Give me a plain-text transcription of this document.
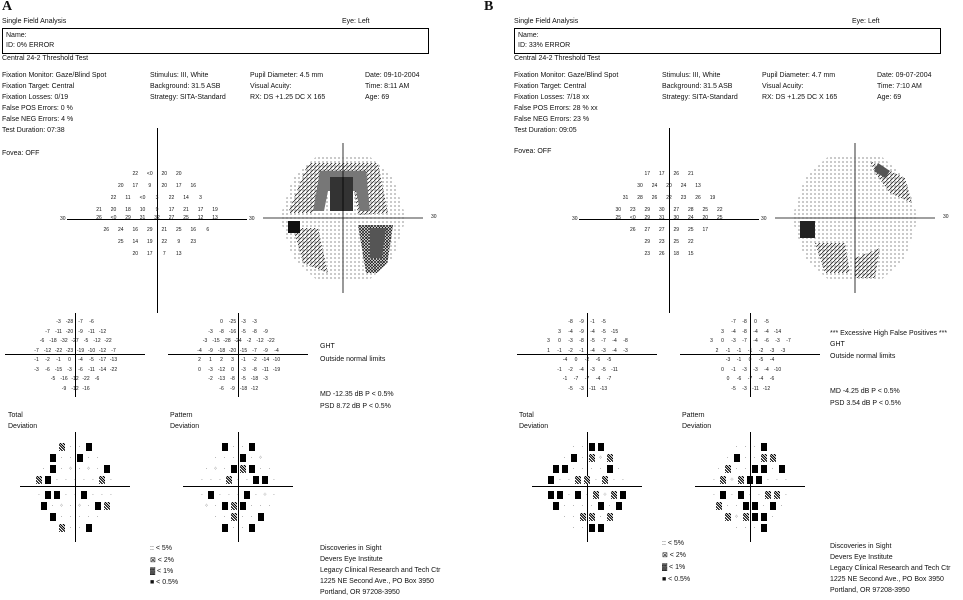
A
Single Field Analysis	Eye: Left
Name:
ID: 0% ERROR
Central 24-2 Threshold Test
Fovea: OFF
GHT
Outside normal limits
MD -12.35 dB P < 0.5%
PSD 8.72 dB P < 0.5%
Total
Deviation
Pattern
Deviation
:: < 5%
⊠ < 2%
▓ < 1%
■ < 0.5%
Discoveries in Sight
Devers Eye Institute
Legacy Clinical Research and Tech Ctr
1225 NE Second Ave., PO Box 3950
Portland, OR 97208-3950
Fixation Monitor: Gaze/Blind Spot
Fixation Target: Central
Fixation Losses: 0/19
False POS Errors: 0 %
False NEG Errors: 4 %
Test Duration: 07:38
Stimulus: III, White
Background: 31.5 ASB
Strategy: SITA-Standard
Pupil Diameter: 4.5 mm
Visual Acuity:
RX: DS +1.25 DC X 165
Date: 09-10-2004
Time: 8:11 AM
Age: 69
30	30
22 <0 20 20
20 17 9 20 17 16
22 11 <0 3 22 14 3
21 20 18 10 9 17 21 17 19
26 <0 29 31 32 27 25 12 13
26 24 16 29 21 25 16 6
25 14 19 22 9 23
20 17 7 13
30
-3 -28 -7 -6
-7 -11 -20 -9 -11 -12
-6 -18 -32 -27 -5 -12 -22
-7 -12 -22 -23 -19 -10 -12 -7
-1 -2 -1 0 -4 -5 -17 -13
-3 -6 -15 -3 -6 -11 -14 -22
-5 -16 -12 -22 -6
-9 -12 -16
0 -25 -3 -3
-3 -8 -16 -5 -8 -9
-3 -15 -28 -24 -2 -12 -22
-4 -9 -18 -20 -15 -7 -9 -4
2 1 2 3 -1 -2 -14 -10
0 -3 -12 0 -3 -8 -11 -19
-2 -13 -8 -5 -18 -3
-6 -9 -18 -12
· ·
· ·	· ·
·	· ⁘ · ⁘ ·
· · · · ·	·
·	· ·	· · ·
· ⁘ · ⁘ ·
· · · · ·
· ·
· ·
· · ·	· ⁘
· ⁘ ·	· ·
· · ·	· ·	·
·	· · ·	· ⁘ ·
⁘ ·	· · ·
· ·	· ·
· ·
B
Single Field Analysis	Eye: Left
Name:
ID: 33% ERROR
Central 24-2 Threshold Test
Fovea: OFF
*** Excessive High False Positives ***
GHT
Outside normal limits
MD -4.25 dB P < 0.5%
PSD 3.54 dB P < 0.5%
Total
Deviation
Pattern
Deviation
:: < 5%
⊠ < 2%
▓ < 1%
■ < 0.5%
Discoveries in Sight
Devers Eye Institute
Legacy Clinical Research and Tech Ctr
1225 NE Second Ave., PO Box 3950
Portland, OR 97208-3950
Fixation Monitor: Gaze/Blind Spot
Fixation Target: Central
Fixation Losses: 7/18 xx
False POS Errors: 28 % xx
False NEG Errors: 23 %
Test Duration: 09:05
Stimulus: III, White
Background: 31.5 ASB
Strategy: SITA-Standard
Pupil Diameter: 4.7 mm
Visual Acuity:
RX: DS +1.25 DC X 165
Date: 09-07-2004
Time: 7:10 AM
Age: 69
30	30
17 17 26 21
30 24 20 24 13
31 28 26 22 23 26 19
30 23 29 30 27 28 25 22
25 <0 29 31 30 24 20 25
26 27 27 29 25 17
29 23 25 22
23 26 18 15
30
-8 -9 -1 -5
3 -4 -9 -4 -5 -15
3 0 -3 -8 -5 -7 -4 -8
1 -1 -2 -1 -4 -3 -4 -3
-4 0 -2 -6 -5
-1 -2 -4 -3 -5 -11
-1 -7 -7 -4 -7
-5 -3 -11 -13
-7 -8 0 -5
3 -4 -8 -4 -4 -14
3 0 -3 -7 -4 -6 -3 -7
2 -1 -1 -1 -2 -3 -3
-3 -1 0 -5 -4
0 -1 -3 -3 -4 -10
0 -6 -7 -4 -6
-5 -3 -11 -12
· ·
·	·	⁘
· · · ·	·
· ·	·	· ·
·	·	⁘
· · · ·	·
· ·	·
· ·
· · ·
·	· ·
·	· ·	·
·	⁘	· · ·
·	·	· ·	·
· ·	·	·
⁘	·
· · ·
